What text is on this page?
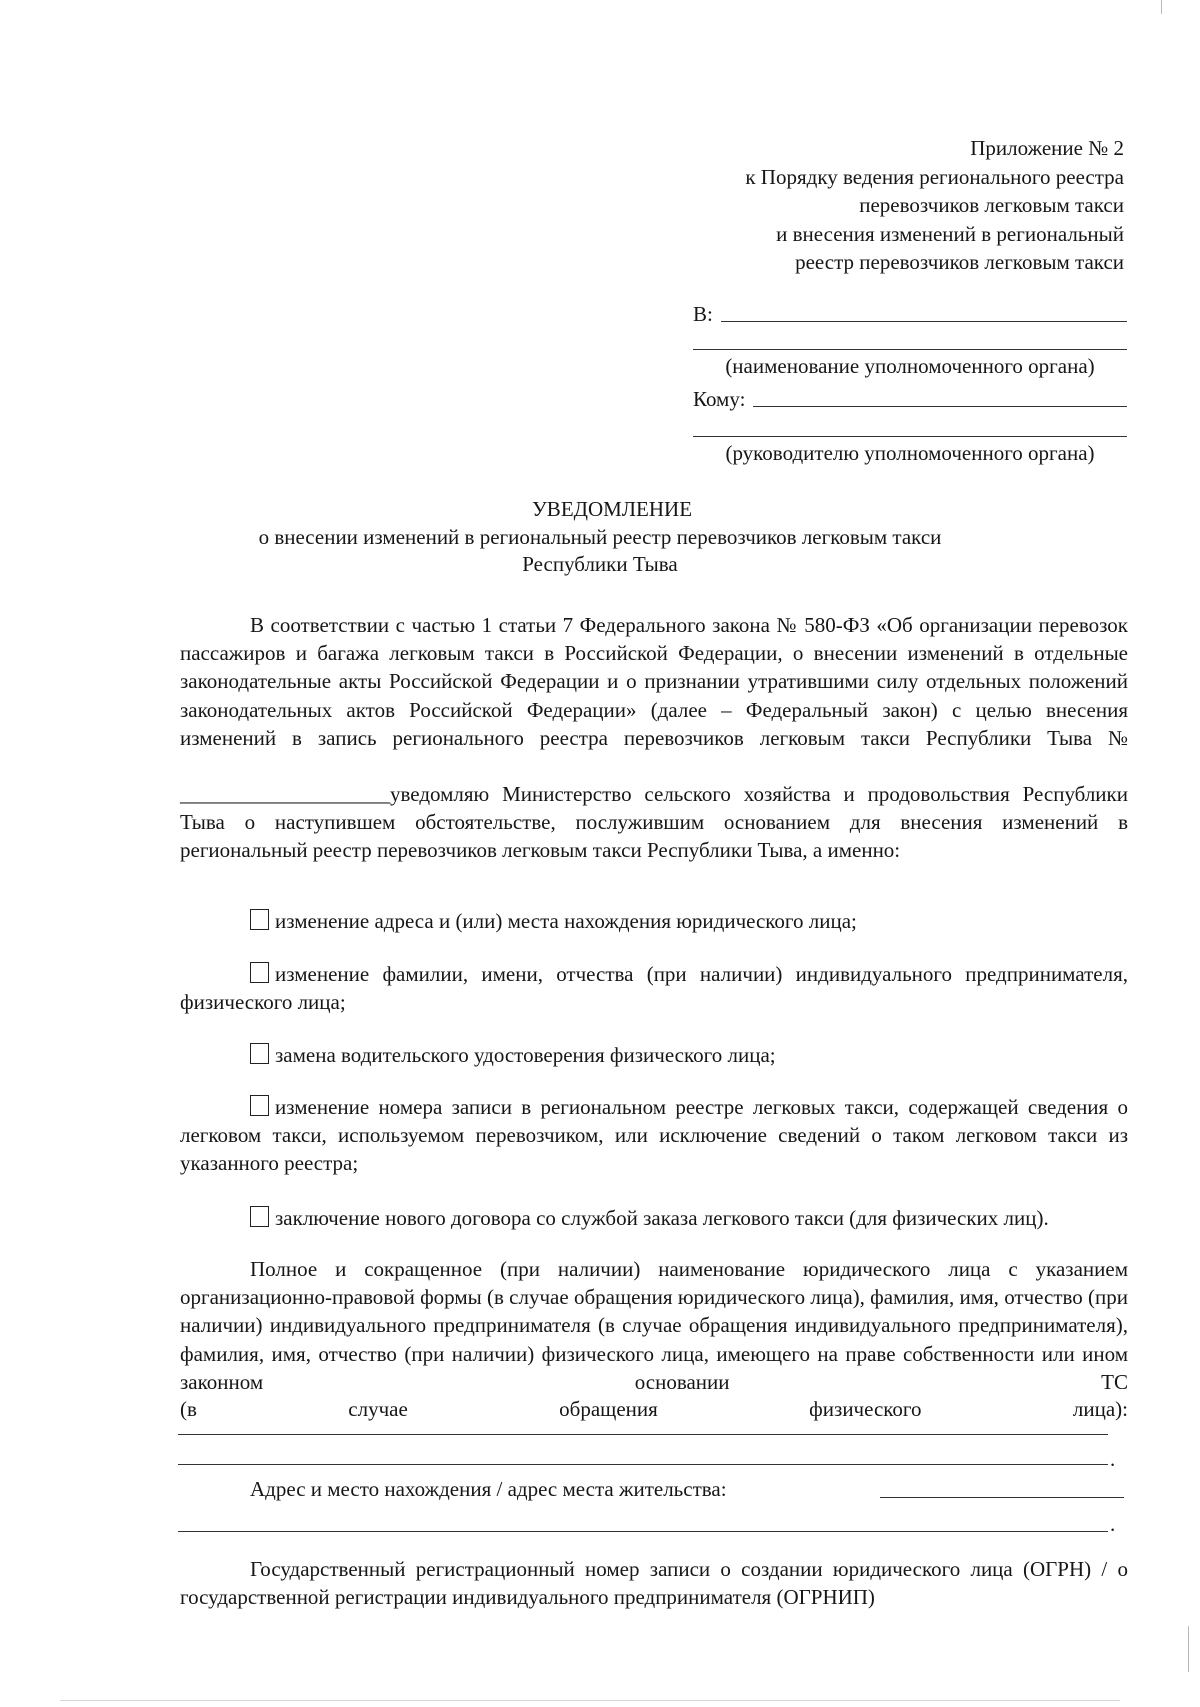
Приложение № 2
к Порядку ведения регионального реестра
перевозчиков легковым такси
и внесения изменений в региональный
реестр перевозчиков легковым такси
В:
(наименование уполномоченного органа)
Кому:
(руководителю уполномоченного органа)
УВЕДОМЛЕНИЕ
о внесении изменений в региональный реестр перевозчиков легковым такси
Республики Тыва
В соответствии с частью 1 статьи 7 Федерального закона № 580-ФЗ «Об организации перевозок пассажиров и багажа легковым такси в Российской Федерации, о внесении изменений в отдельные законодательные акты Российской Федерации и о признании утратившими силу отдельных положений законодательных актов Российской Федерации» (далее – Федеральный закон) с целью внесения изменений в запись регионального реестра перевозчиков легковым такси Республики Тыва №
____________________уведомляю Министерство сельского хозяйства и продовольствия Республики Тыва о наступившем обстоятельстве, послужившим основанием для внесения изменений в региональный реестр перевозчиков легковым такси Республики Тыва, а именно:
изменение адреса и (или) места нахождения юридического лица;
изменение фамилии, имени, отчества (при наличии) индивидуального предпринимателя, физического лица;
замена водительского удостоверения физического лица;
изменение номера записи в региональном реестре легковых такси, содержащей сведения о легковом такси, используемом перевозчиком, или исключение сведений о таком легковом такси из указанного реестра;
заключение нового договора со службой заказа легкового такси (для физических лиц).
Полное и сокращенное (при наличии) наименование юридического лица с указанием организационно-правовой формы (в случае обращения юридического лица), фамилия, имя, отчество (при наличии) индивидуального предпринимателя (в случае обращения индивидуального предпринимателя), фамилия, имя, отчество (при наличии) физического лица, имеющего на праве собственности или ином законном основании ТС
(в случае обращения физического лица):
.
Адрес и место нахождения / адрес места жительства:
.
Государственный регистрационный номер записи о создании юридического лица (ОГРН) / о государственной регистрации индивидуального предпринимателя (ОГРНИП)
